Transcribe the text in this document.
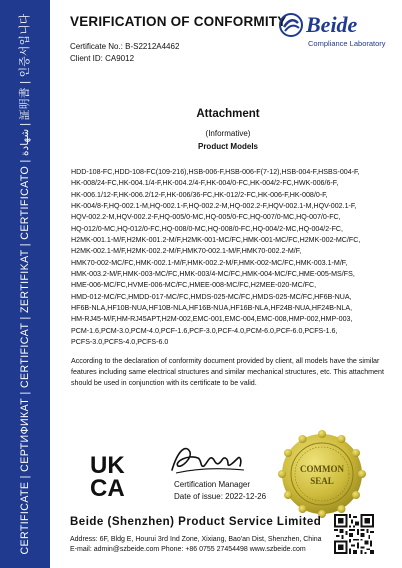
CERTIFICATE | СЕРТИФИКАТ | CERTIFICAT | ZERTIFIKAT | CERTIFICATO | شهادة | 証明書 | 인증서입니다	VERIFICATION OF CONFORMITY
Certificate No.: B-S2212A4462
Client ID: CA9012
Beide
Compliance Laboratory
Attachment
(Informative)
Product Models
HDD-108-FC,HDD-108-FC(109-216),HSB-006-F,HSB-006-F(7-12),HSB-004-F,HSBS-004-F,
HK-008/24-FC,HK-004.1/4-F,HK-004.2/4-F,HK-004/0-FC,HK-004/2-FC,HWK-006/6-F,
HK-006.1/12-F,HK-006.2/12-F,HK-006/36-FC,HK-012/2-FC,HK-006-F,HK-008/0-F,
HK-004/8-F,HQ-002.1-M,HQ-002.1-F,HQ-002.2-M,HQ-002.2-F,HQV-002.1-M,HQV-002.1-F,
HQV-002.2-M,HQV-002.2-F,HQ-005/0-MC,HQ-005/0-FC,HQ-007/0-MC,HQ-007/0-FC,
HQ-012/0-MC,HQ-012/0-FC,HQ-008/0-MC,HQ-008/0-FC,HQ-004/2-MC,HQ-004/2-FC,
H2MK-001.1-M/F,H2MK-001.2-M/F,H2MK-001-MC/FC,HMK-001-MC/FC,H2MK-002-MC/FC,
H2MK-002.1-M/F,H2MK-002.2-M/F,HMK70-002.1-M/F,HMK70-002.2-M/F,
HMK70-002-MC/FC,HMK-002.1-M/F,HMK-002.2-M/F,HMK-002-MC/FC,HMK-003.1-M/F,
HMK-003.2-M/F,HMK-003-MC/FC,HMK-003/4-MC/FC,HMK-004-MC/FC,HME-005-MS/FS,
HME-006-MC/FC,HVME-006-MC/FC,HMEE-008-MC/FC,H2MEE-020-MC/FC,
HMD-012-MC/FC,HMDD-017-MC/FC,HMDS-025-MC/FC,HMDS-025-MC/FC,HF6B-NUA,
HF6B-NLA,HF10B-NUA,HF10B-NLA,HF16B-NUA,HF16B-NLA,HF24B-NUA,HF24B-NLA,
HM-RJ45-M/F,HM-RJ45APT,H2M-002,EMC-001,EMC-004,EMC-008,HMP-002,HMP-003,
PCM-1.6,PCM-3.0,PCM-4.0,PCF-1.6,PCF-3.0,PCF-4.0,PCM-6.0,PCF-6.0,PCFS-1.6,
PCFS-3.0,PCFS-4.0,PCFS-6.0
According to the declaration of conformity document provided by client, all models have the similar features including same electrical structures and similar mechanical structures, etc. This attachment should be used in conjunction with its certificate to be valid.
UK
CA	Certification Manager
Date of issue: 2022-12-26
COMMON
SEAL
Beide (Shenzhen) Product Service Limited
Address: 6F, Bldg E, Hourui 3rd Ind Zone, Xixiang, Bao'an Dist, Shenzhen, China
E-mail: admin@szbeide.com Phone: +86 0755 27454498 www.szbeide.com
